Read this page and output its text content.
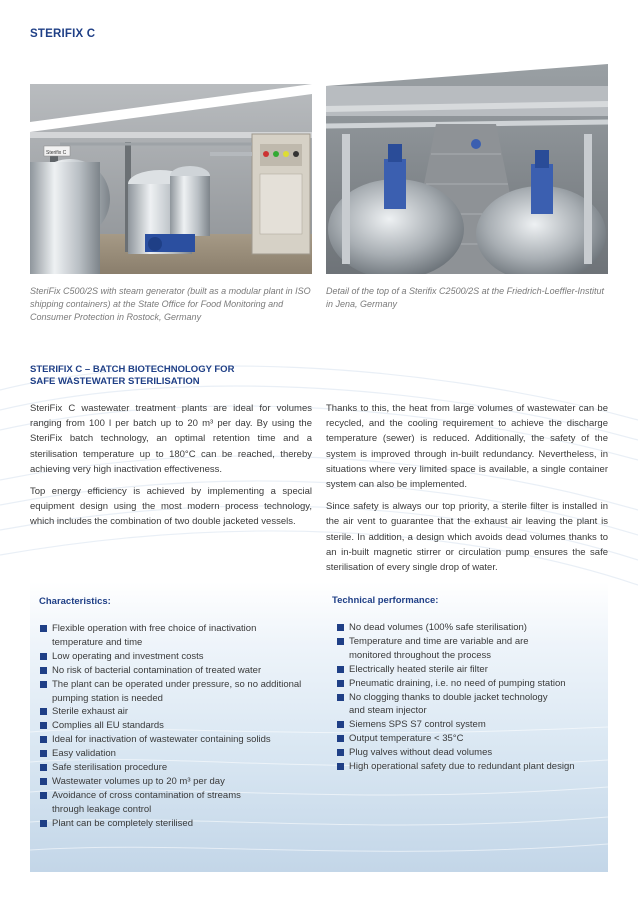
STERIFIX C
Sterifix C
SteriFix C500/2S with steam generator (built as a modular plant in ISO shipping containers) at the State Office for Food Monitoring and Consumer Protection in Rostock, Germany
Detail of the top of a Sterifix C2500/2S at the Friedrich-Loeffler-Institut in Jena, Germany
STERIFIX C – BATCH BIOTECHNOLOGY FOR
SAFE WASTEWATER STERILISATION

SteriFix C wastewater treatment plants are ideal for volumes ranging from 100 l per batch up to 20 m³ per day. By using the SteriFix batch technology, an optimal retention time and a sterilisation temperature up to 180°C can be reached, thereby achieving very high inactivation effectiveness.

Top energy efficiency is achieved by implementing a special equipment design using the most modern process technology, which includes the combination of two double jacketed vessels.

Thanks to this, the heat from large volumes of wastewater can be recycled, and the cooling requirement to achieve the discharge temperature (sewer) is reduced. Additionally, the safety of the system is improved through in-built redundancy. Nevertheless, in situations where very limited space is available, a single container system can also be implemented.

Since safety is always our top priority, a sterile filter is installed in the air vent to guarantee that the exhaust air leaving the plant is sterile. In addition, a design which avoids dead volumes thanks to an in-built magnetic stirrer or circulation pump ensures the safe sterilisation of every single drop of water.

Characteristics:	Technical performance:
Flexible operation with free choice of inactivation
temperature and time
Low operating and investment costs
No risk of bacterial contamination of treated water
The plant can be operated under pressure, so no additional
pumping station is needed
Sterile exhaust air
Complies all EU standards
Ideal for inactivation of wastewater containing solids
Easy validation
Safe sterilisation procedure
Wastewater volumes up to 20 m³ per day
Avoidance of cross contamination of streams
through leakage control
Plant can be completely sterilised
No dead volumes (100% safe sterilisation)
Temperature and time are variable and are
monitored throughout the process
Electrically heated sterile air filter
Pneumatic draining, i.e. no need of pumping station
No clogging thanks to double jacket technology
and steam injector
Siemens SPS S7 control system
Output temperature < 35°C
Plug valves without dead volumes
High operational safety due to redundant plant design
